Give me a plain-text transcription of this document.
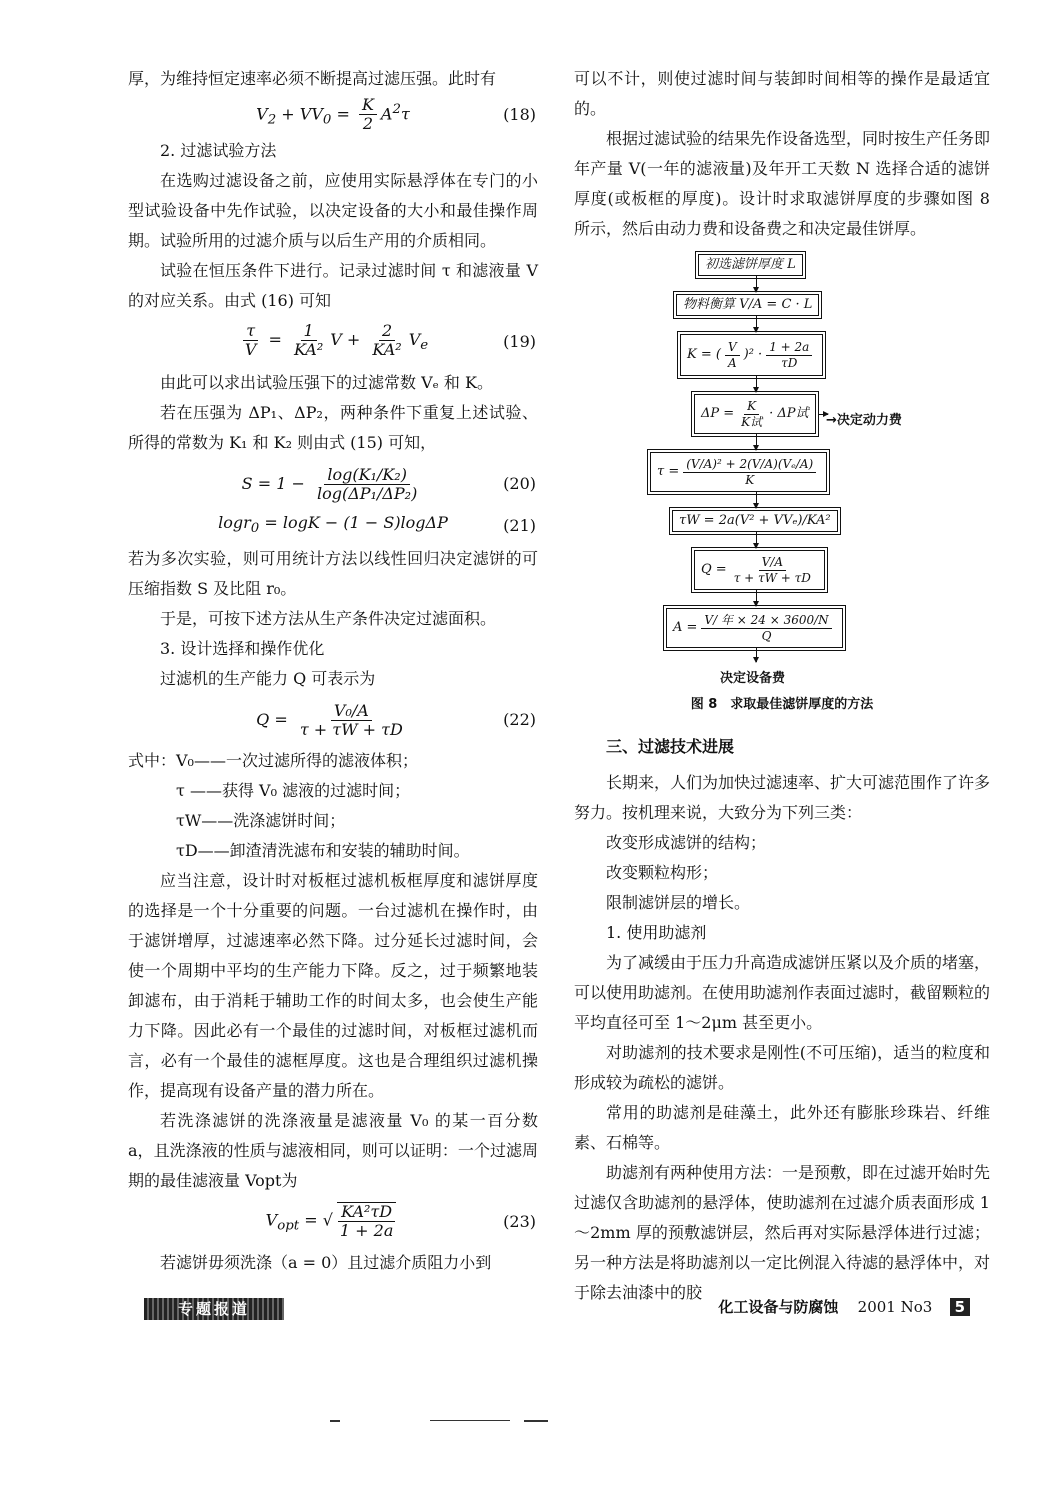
厚，为维持恒定速率必须不断提高过滤压强。此时有

$V_2 + VV_0 = \frac{K}{2} A^2\tau$	(18)

2. 过滤试验方法

在选购过滤设备之前，应使用实际悬浮体在专门的小型试验设备中先作试验，以决定设备的大小和最佳操作周期。试验所用的过滤介质与以后生产用的介质相同。

试验在恒压条件下进行。记录过滤时间 τ 和滤液量 V 的对应关系。由式 (16) 可知

$\frac{\tau}{V} = \frac{1}{\text{KA²}}$ $V + \frac{2}{\text{KA²}} V_e$	(19)

由此可以求出试验压强下的过滤常数 Vₑ 和 K。

若在压强为 ΔP₁、ΔP₂，两种条件下重复上述试验、所得的常数为 K₁ 和 K₂ 则由式 (15) 可知，

$S = 1 - \frac{\text{log(K₁/K₂)}}{\text{log(ΔP₁/ΔP₂)}}$	(20)
logr$_0$ = logK − (1 − S)logΔP	(21)

若为多次实验，则可用统计方法以线性回归决定滤饼的可压缩指数 S 及比阻 r₀。

于是，可按下述方法从生产条件决定过滤面积。

3. 设计选择和操作优化

过滤机的生产能力 Q 可表示为

$Q = \frac{\text{V₀/A}}{\tau + \tau W + \tau D}$	(22)

式中：V₀——一次过滤所得的滤液体积；

τ ——获得 V₀ 滤液的过滤时间；

τW——洗涤滤饼时间；

τD——卸渣清洗滤布和安装的辅助时间。

应当注意，设计时对板框过滤机板框厚度和滤饼厚度的选择是一个十分重要的问题。一台过滤机在操作时，由于滤饼增厚，过滤速率必然下降。过分延长过滤时间，会使一个周期中平均的生产能力下降。反之，过于频繁地装卸滤布，由于消耗于辅助工作的时间太多，也会使生产能力下降。因此必有一个最佳的过滤时间，对板框过滤机而言，必有一个最佳的滤框厚度。这也是合理组织过滤机操作，提高现有设备产量的潜力所在。

若洗涤滤饼的洗涤液量是滤液量 V₀ 的某一百分数 a，且洗涤液的性质与滤液相同，则可以证明：一个过滤周期的最佳滤液量 Vopt为

$V_{opt}$ = √ $\frac{\text{KA²τD}}{1 + 2a}$	(23)

若滤饼毋须洗涤（a = 0）且过滤介质阻力小到

可以不计，则使过滤时间与装卸时间相等的操作是最适宜的。

根据过滤试验的结果先作设备选型，同时按生产任务即年产量 V(一年的滤液量)及年开工天数 N 选择合适的滤饼厚度(或板框的厚度)。设计时求取滤饼厚度的步骤如图 8 所示，然后由动力费和设备费之和决定最佳饼厚。

初选滤饼厚度 L
物料衡算 V/A = C · L
K = ( $\frac{V}{A} )^2 \cdot \frac{1 + 2a}{\tau D}$
$\Delta P = \frac{K}{\text{K试}} \cdot \Delta P$试	→决定动力费
$\tau = \frac{\text{(V/A)² + 2(V/A)(Vₑ/A)}}{K}$
τW = 2a(V² + VVₑ)/KA²
$Q = \frac{V/A}{\tau + \tau W + \tau D}$
$A = \frac{\text{V/ 年 × 24 × 3600/N}}{Q}$
决定设备费
图 8　求取最佳滤饼厚度的方法

三、过滤技术进展

长期来，人们为加快过滤速率、扩大可滤范围作了许多努力。按机理来说，大致分为下列三类：

改变形成滤饼的结构；

改变颗粒构形；

限制滤饼层的增长。

1. 使用助滤剂

为了减缓由于压力升高造成滤饼压紧以及介质的堵塞，可以使用助滤剂。在使用助滤剂作表面过滤时，截留颗粒的平均直径可至 1～2μm 甚至更小。

对助滤剂的技术要求是刚性(不可压缩)，适当的粒度和形成较为疏松的滤饼。

常用的助滤剂是硅藻土，此外还有膨胀珍珠岩、纤维素、石棉等。

助滤剂有两种使用方法：一是预敷，即在过滤开始时先过滤仅含助滤剂的悬浮体，使助滤剂在过滤介质表面形成 1～2mm 厚的预敷滤饼层，然后再对实际悬浮体进行过滤；另一种方法是将助滤剂以一定比例混入待滤的悬浮体中，对于除去油漆中的胶

专题报道	化工设备与防腐蚀 2001 No3 5
